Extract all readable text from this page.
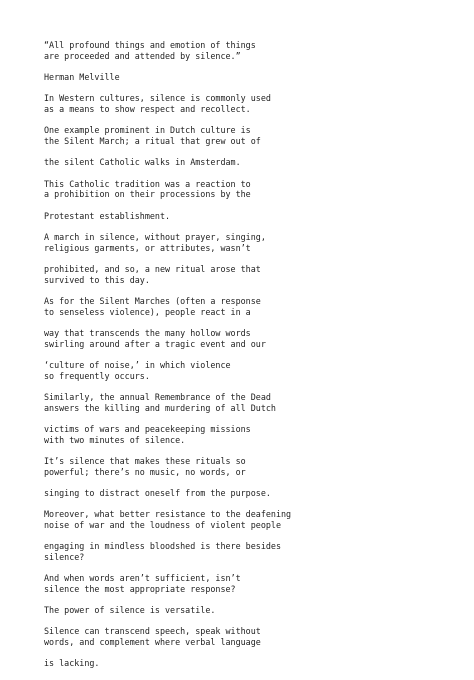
“All profound things and emotion of things
are proceeded and attended by silence.”

Herman Melville

In Western cultures, silence is commonly used
as a means to show respect and recollect.

One example prominent in Dutch culture is
the Silent March; a ritual that grew out of

the silent Catholic walks in Amsterdam.

This Catholic tradition was a reaction to
a prohibition on their processions by the

Protestant establishment.

A march in silence, without prayer, singing,
religious garments, or attributes, wasn’t

prohibited, and so, a new ritual arose that
survived to this day.

As for the Silent Marches (often a response
to senseless violence), people react in a

way that transcends the many hollow words
swirling around after a tragic event and our

‘culture of noise,’ in which violence
so frequently occurs.

Similarly, the annual Remembrance of the Dead
answers the killing and murdering of all Dutch

victims of wars and peacekeeping missions
with two minutes of silence.

It’s silence that makes these rituals so
powerful; there’s no music, no words, or

singing to distract oneself from the purpose.

Moreover, what better resistance to the deafening
noise of war and the loudness of violent people

engaging in mindless bloodshed is there besides
silence?

And when words aren’t sufficient, isn’t
silence the most appropriate response?

The power of silence is versatile.

Silence can transcend speech, speak without
words, and complement where verbal language

is lacking.
